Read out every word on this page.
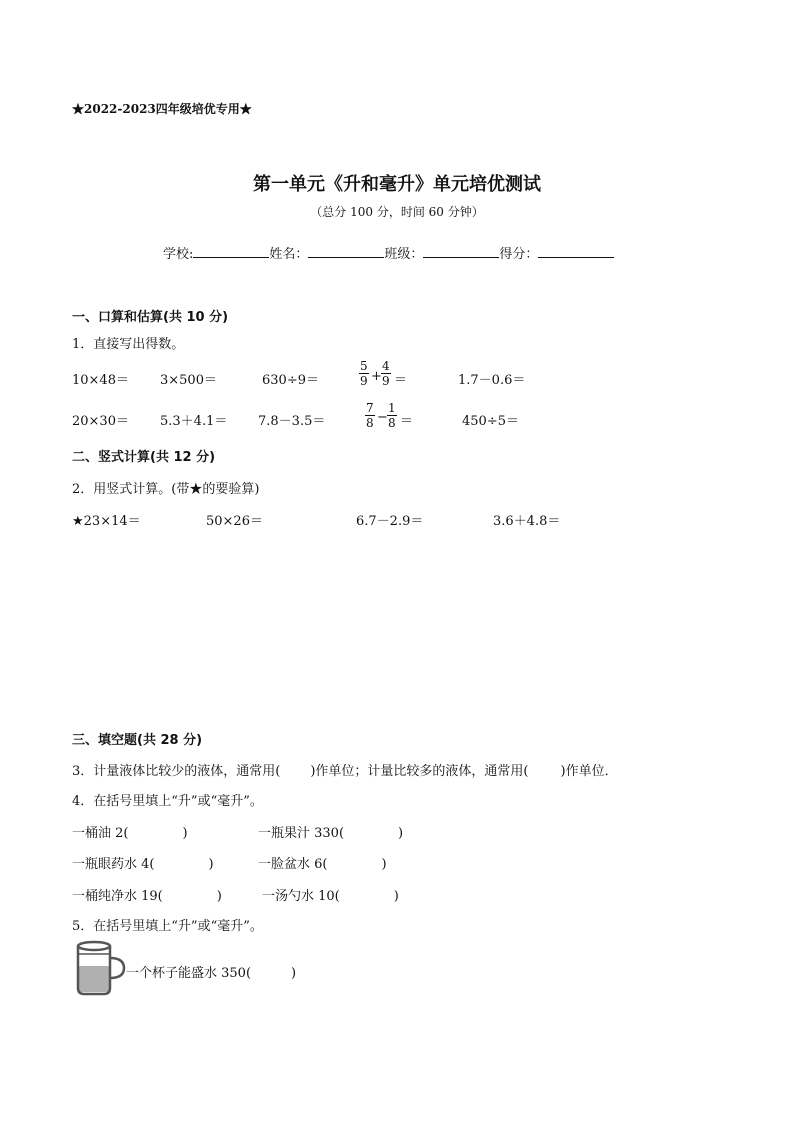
★2022-2023四年级培优专用★
第一单元《升和毫升》单元培优测试
（总分 100 分，时间 60 分钟）
学校:	姓名：	班级：	得分：
一、口算和估算(共 10 分)
1．直接写出得数。
10×48＝ 3×500＝	630÷9＝	$\frac{5}{9} + \frac{4}{9}$ ＝	1.7－0.6＝
20×30＝ 5.3＋4.1＝ 7.8－3.5＝	$\frac{7}{8} - \frac{1}{8}$ ＝	450÷5＝
二、竖式计算(共 12 分)
2．用竖式计算。(带★的要验算)
★23×14＝	50×26＝	6.7－2.9＝	3.6＋4.8＝
三、填空题(共 28 分)
3．计量液体比较少的液体，通常用( )作单位；计量比较多的液体，通常用( )作单位．
4．在括号里填上“升”或“毫升”。
一桶油 2(	)	一瓶果汁 330(	)
一瓶眼药水 4(	)	一脸盆水 6(	)
一桶纯净水 19(	)	一汤勺水 10(	)
5．在括号里填上“升”或“毫升”。
一个杯子能盛水 350(	)
